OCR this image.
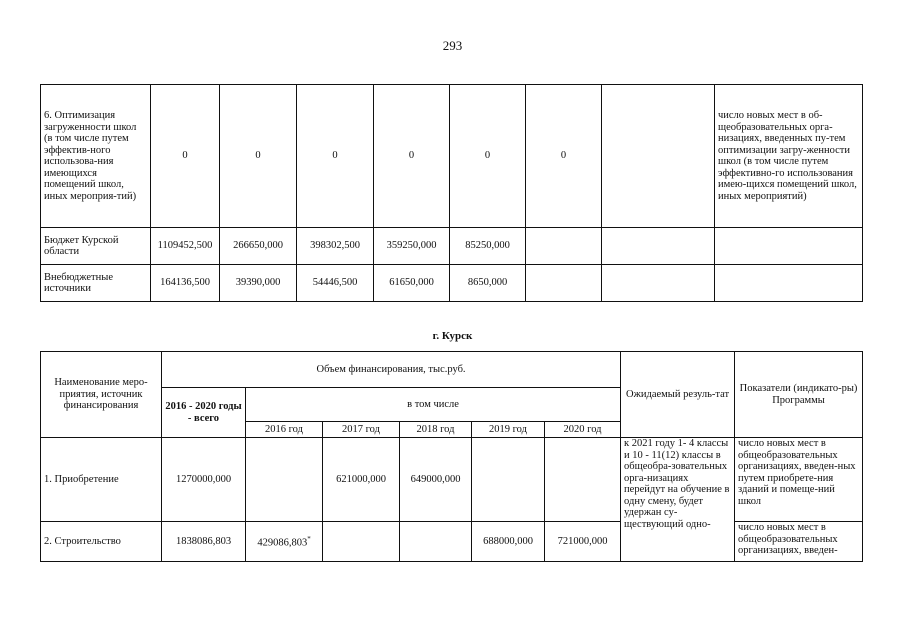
293
6. Оптимизация загруженности школ (в том числе путем эффектив-ного использова-ния имеющихся помещений школ, иных мероприя-тий)	0	0	0	0	0	0		число новых мест в об-щеобразовательных орга-низациях, введенных пу-тем оптимизации загру-женности школ (в том числе путем эффективно-го использования имею-щихся помещений школ, иных мероприятий)
Бюджет Курской области	1109452,500	266650,000	398302,500	359250,000	85250,000			
Внебюджетные источники	164136,500	39390,000	54446,500	61650,000	8650,000			
г. Курск
Наименование меро-приятия, источник финансирования	Объем финансирования, тыс.руб.						Ожидаемый резуль-тат	Показатели (индикато-ры) Программы
	2016 - 2020 годы - всего	в том числе						
		2016 год	2017 год	2018 год	2019 год	2020 год		
1. Приобретение	1270000,000		621000,000	649000,000			к 2021 году 1- 4 классы и 10 - 11(12) классы в общеобра-зовательных орга-низациях перейдут на обучение в одну смену, будет удержан су-ществующий одно-	число новых мест в общеобразовательных организациях, введен-ных путем приобрете-ния зданий и помеще-ний школ
2. Строительство	1838086,803	429086,803*			688000,000	721000,000		число новых мест в общеобразовательных организациях, введен-
